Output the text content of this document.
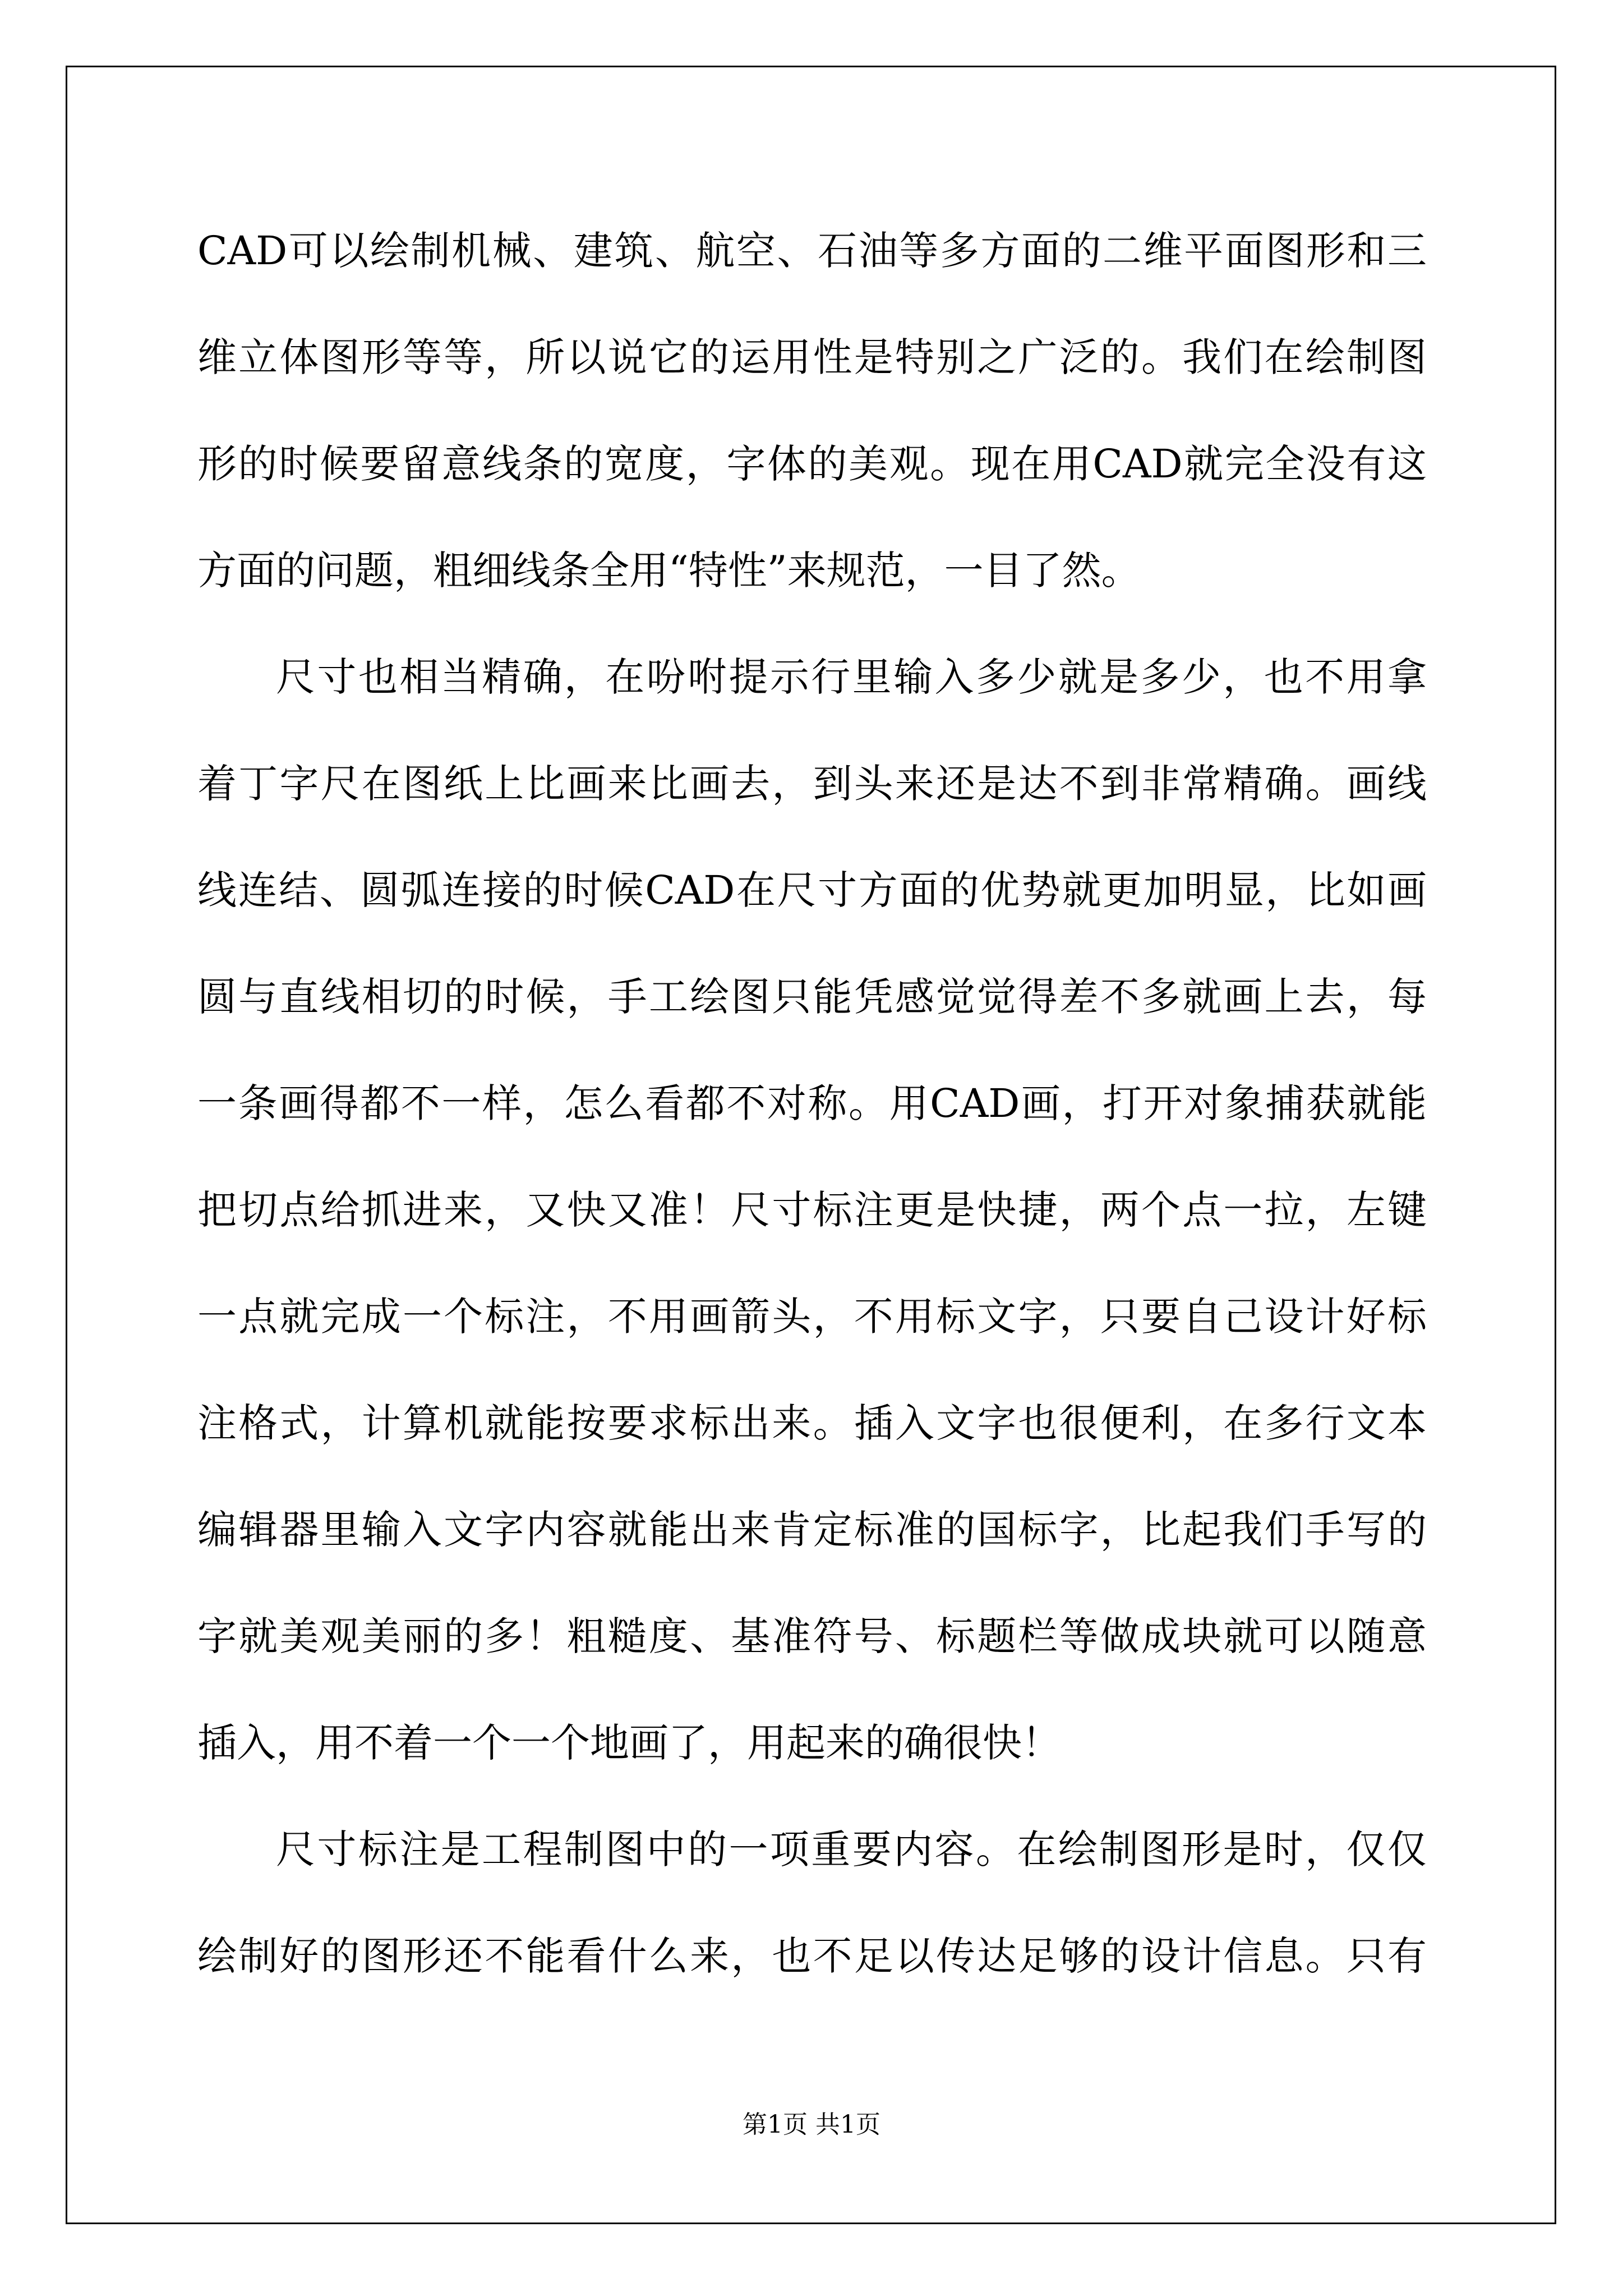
CAD可以绘制机械、建筑、航空、石油等多方面的二维平面图形和三
维立体图形等等，所以说它的运用性是特别之广泛的。我们在绘制图
形的时候要留意线条的宽度，字体的美观。现在用CAD就完全没有这
方面的问题，粗细线条全用“特性”来规范，一目了然。
尺寸也相当精确，在吩咐提示行里输入多少就是多少，也不用拿
着丁字尺在图纸上比画来比画去，到头来还是达不到非常精确。画线
线连结、圆弧连接的时候CAD在尺寸方面的优势就更加明显，比如画
圆与直线相切的时候，手工绘图只能凭感觉觉得差不多就画上去，每
一条画得都不一样，怎么看都不对称。用CAD画，打开对象捕获就能
把切点给抓进来，又快又准！尺寸标注更是快捷，两个点一拉，左键
一点就完成一个标注，不用画箭头，不用标文字，只要自己设计好标
注格式，计算机就能按要求标出来。插入文字也很便利，在多行文本
编辑器里输入文字内容就能出来肯定标准的国标字，比起我们手写的
字就美观美丽的多！粗糙度、基准符号、标题栏等做成块就可以随意
插入，用不着一个一个地画了，用起来的确很快！
尺寸标注是工程制图中的一项重要内容。在绘制图形是时，仅仅
绘制好的图形还不能看什么来，也不足以传达足够的设计信息。只有
第1页 共1页
